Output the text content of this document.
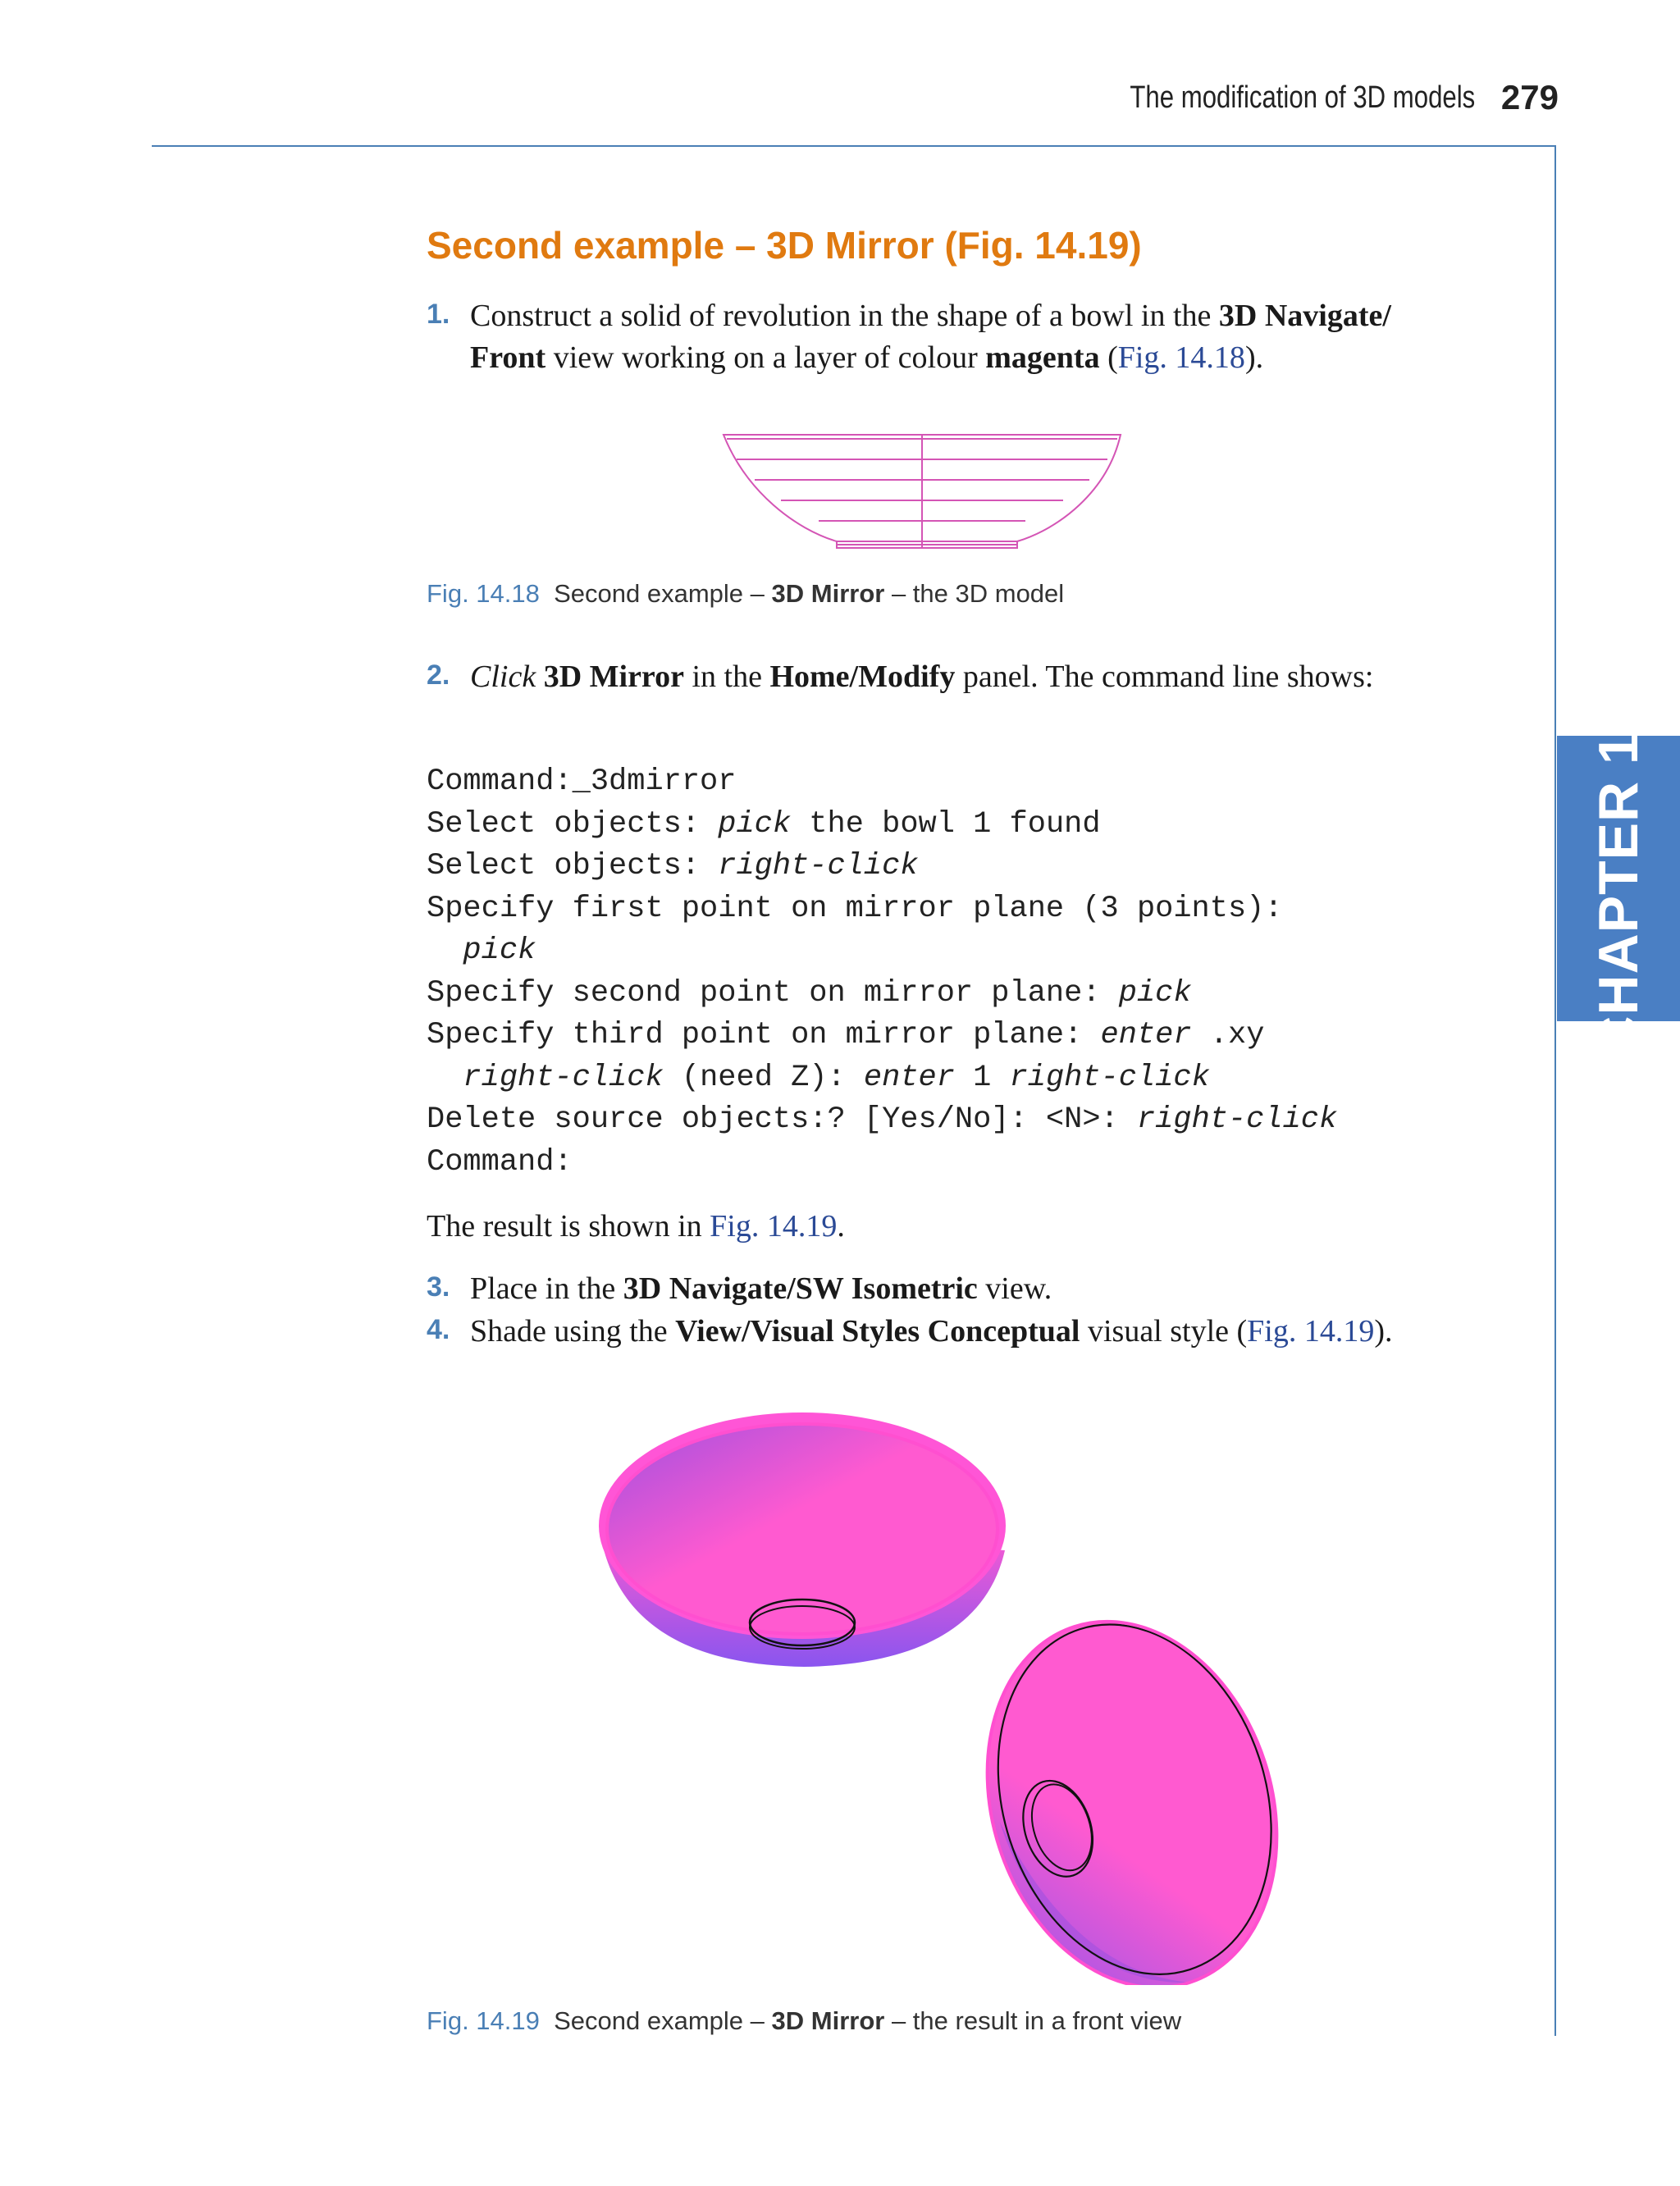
The modification of 3D models 279
CHAPTER 14
Second example – 3D Mirror (Fig. 14.19)
1. Construct a solid of revolution in the shape of a bowl in the 3D Navigate/ Front view working on a layer of colour magenta (Fig. 14.18).
Fig. 14.18 Second example – 3D Mirror – the 3D model
2. Click 3D Mirror in the Home/Modify panel. The command line shows:
Command:_3dmirror
Select objects: pick the bowl 1 found
Select objects: right-click
Specify first point on mirror plane (3 points):
pick
Specify second point on mirror plane: pick
Specify third point on mirror plane: enter .xy
right-click (need Z): enter 1 right-click
Delete source objects:? [Yes/No]: <N>: right-click
Command:
The result is shown in Fig. 14.19.
3. Place in the 3D Navigate/SW Isometric view.
4. Shade using the View/Visual Styles Conceptual visual style (Fig. 14.19).
Fig. 14.19 Second example – 3D Mirror – the result in a front view
